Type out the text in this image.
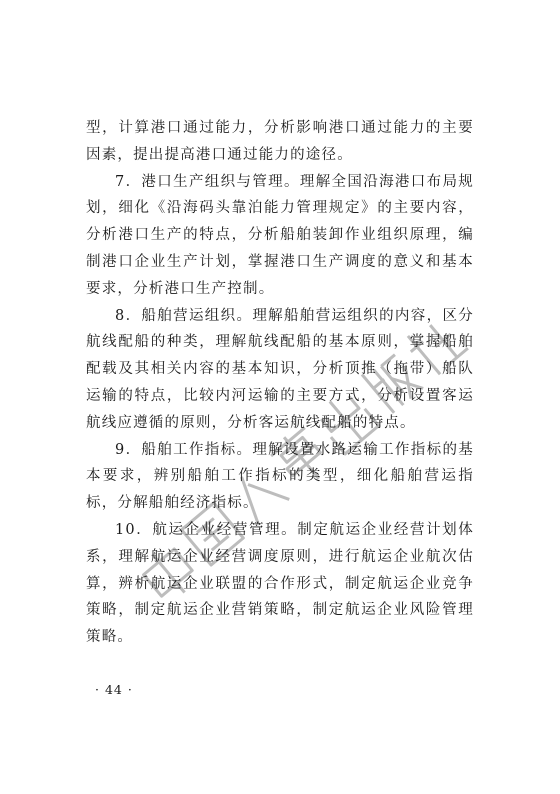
型，计算港口通过能力，分析影响港口通过能力的主要因素，提出提高港口通过能力的途径。

7．港口生产组织与管理。理解全国沿海港口布局规划，细化《沿海码头靠泊能力管理规定》的主要内容，分析港口生产的特点，分析船舶装卸作业组织原理，编制港口企业生产计划，掌握港口生产调度的意义和基本要求，分析港口生产控制。

8．船舶营运组织。理解船舶营运组织的内容，区分航线配船的种类，理解航线配船的基本原则，掌握船舶配载及其相关内容的基本知识，分析顶推（拖带）船队运输的特点，比较内河运输的主要方式，分析设置客运航线应遵循的原则，分析客运航线配船的特点。

9．船舶工作指标。理解设置水路运输工作指标的基本要求，辨别船舶工作指标的类型，细化船舶营运指标，分解船舶经济指标。

10．航运企业经营管理。制定航运企业经营计划体系，理解航运企业经营调度原则，进行航运企业航次估算，辨析航运企业联盟的合作形式，制定航运企业竞争策略，制定航运企业营销策略，制定航运企业风险管理策略。

· 44 ·
